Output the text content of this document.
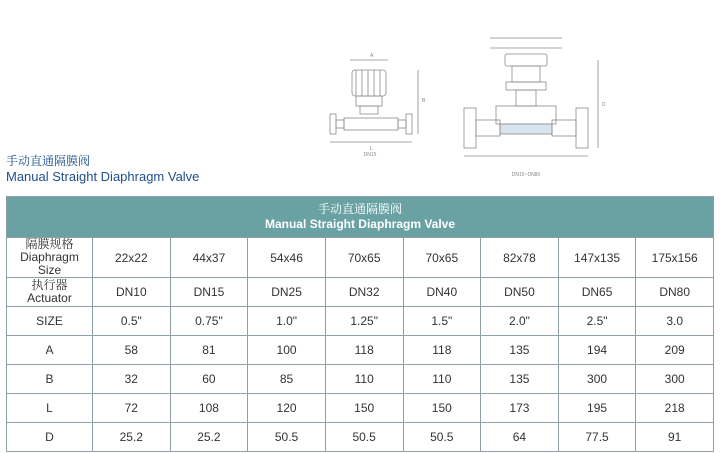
DN15
DN15~DN80
A
B
L
D
手动直通隔膜阀
Manual Straight Diaphragm Valve
手动直通隔膜阀
Manual Straight Diaphragm Valve								

隔膜规格
Diaphragm Size	22x22	44x37	54x46	70x65	70x65	82x78	147x135	175x156

执行器
Actuator	DN10	DN15	DN25	DN32	DN40	DN50	DN65	DN80
SIZE	0.5"	0.75"	1.0"	1.25"	1.5"	2.0"	2.5"	3.0
A	58	81	100	118	118	135	194	209
B	32	60	85	110	110	135	300	300
L	72	108	120	150	150	173	195	218
D	25.2	25.2	50.5	50.5	50.5	64	77.5	91
